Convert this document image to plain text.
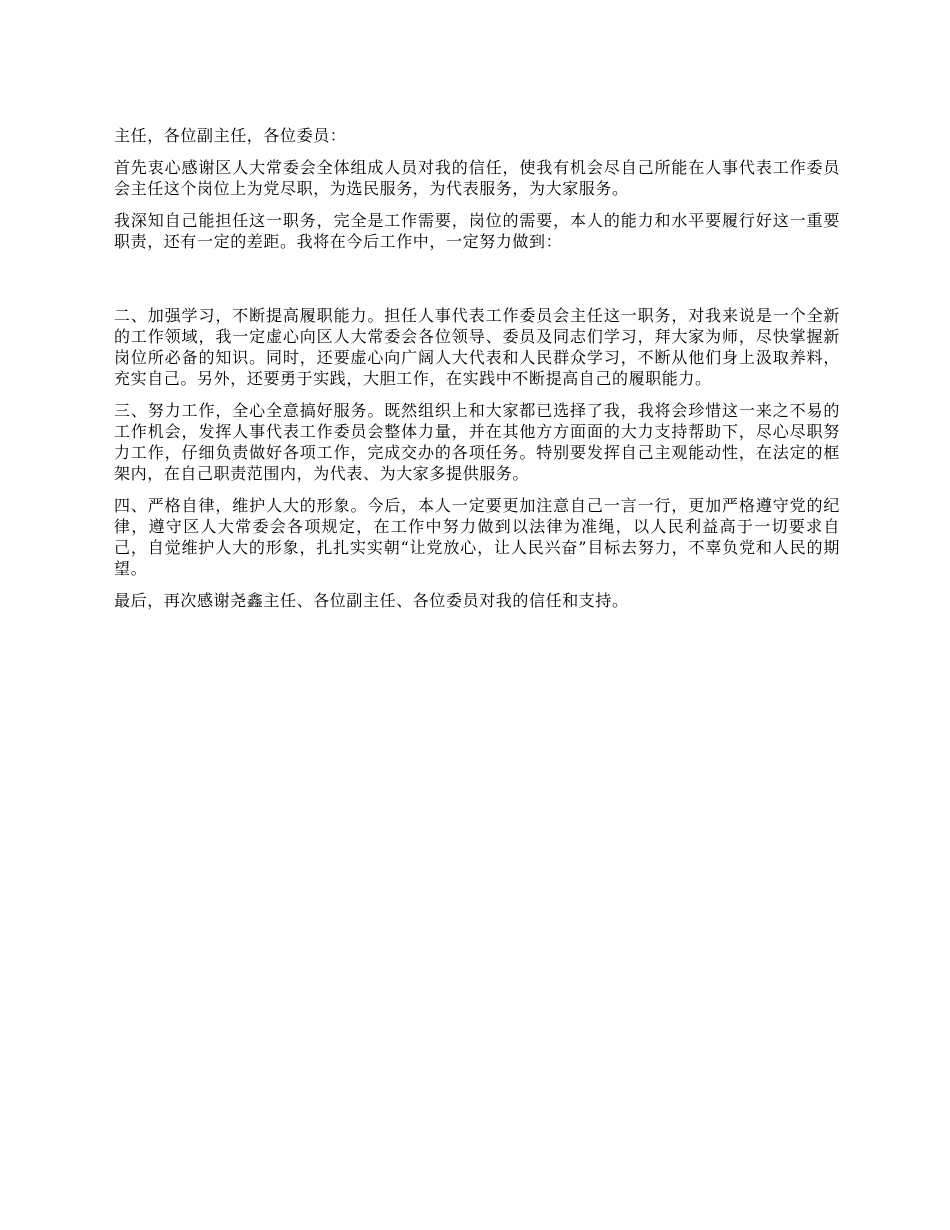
主任，各位副主任，各位委员：

首先衷心感谢区人大常委会全体组成人员对我的信任，使我有机会尽自己所能在人事代表工作委员会主任这个岗位上为党尽职，为选民服务，为代表服务，为大家服务。

我深知自己能担任这一职务，完全是工作需要，岗位的需要，本人的能力和水平要履行好这一重要职责，还有一定的差距。我将在今后工作中，一定努力做到：

二、加强学习，不断提高履职能力。担任人事代表工作委员会主任这一职务，对我来说是一个全新的工作领域，我一定虚心向区人大常委会各位领导、委员及同志们学习，拜大家为师，尽快掌握新岗位所必备的知识。同时，还要虚心向广阔人大代表和人民群众学习，不断从他们身上汲取养料，充实自己。另外，还要勇于实践，大胆工作，在实践中不断提高自己的履职能力。

三、努力工作，全心全意搞好服务。既然组织上和大家都已选择了我，我将会珍惜这一来之不易的工作机会，发挥人事代表工作委员会整体力量，并在其他方方面面的大力支持帮助下，尽心尽职努力工作，仔细负责做好各项工作，完成交办的各项任务。特别要发挥自己主观能动性，在法定的框架内，在自己职责范围内，为代表、为大家多提供服务。

四、严格自律，维护人大的形象。今后，本人一定要更加注意自己一言一行，更加严格遵守党的纪律，遵守区人大常委会各项规定，在工作中努力做到以法律为准绳，以人民利益高于一切要求自己，自觉维护人大的形象，扎扎实实朝“让党放心，让人民兴奋”目标去努力，不辜负党和人民的期望。

最后，再次感谢尧鑫主任、各位副主任、各位委员对我的信任和支持。
